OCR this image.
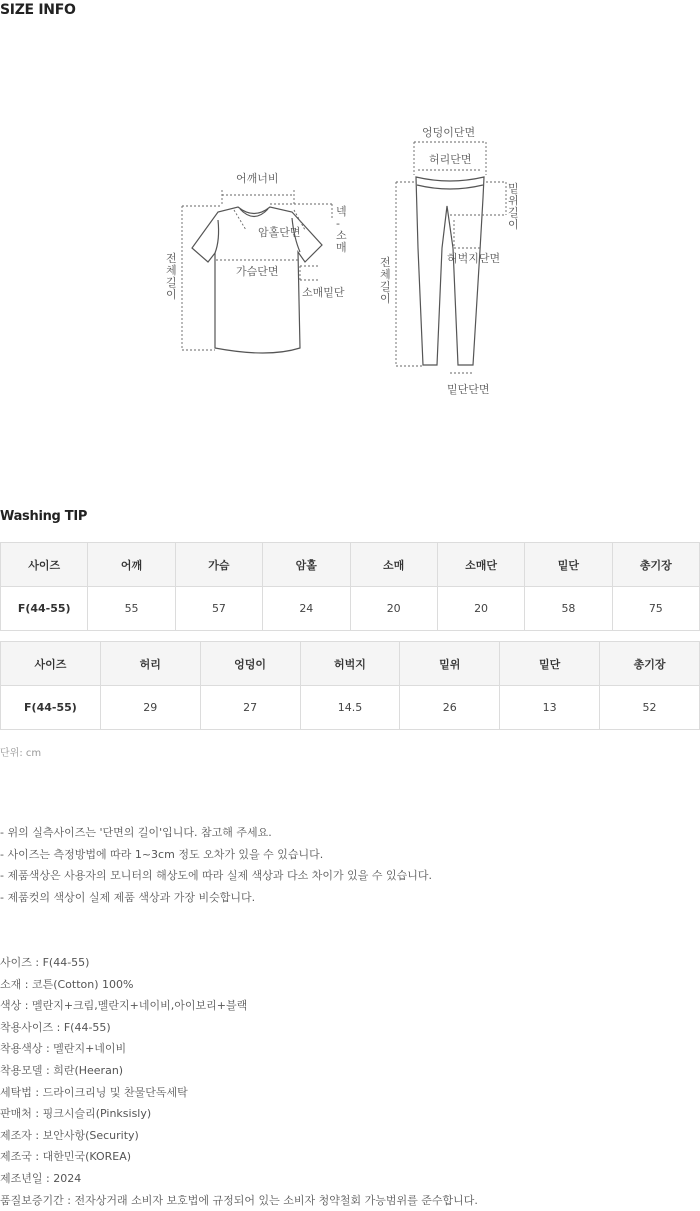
SIZE INFO
어깨너비
암홀단면
가슴단면
소매밑단
넥
-
소
매
전
체
길
이
엉덩이단면
허리단면
허벅지단면
밑단단면
밑
위
길
이
전
체
길
이
Washing TIP
사이즈	어깨	가슴	암홀	소매	소매단	밑단	총기장
F(44-55)	55	57	24	20	20	58	75
사이즈	허리	엉덩이	허벅지	밑위	밑단	총기장
F(44-55)	29	27	14.5	26	13	52
단위: cm
- 위의 실측사이즈는 '단면의 길이'입니다. 참고해 주세요.
- 사이즈는 측정방법에 따라 1~3cm 정도 오차가 있을 수 있습니다.
- 제품색상은 사용자의 모니터의 해상도에 따라 실제 색상과 다소 차이가 있을 수 있습니다.
- 제품컷의 색상이 실제 제품 색상과 가장 비슷합니다.
사이즈 : F(44-55)
소재 : 코튼(Cotton) 100%
색상 : 멜란지+크림,멜란지+네이비,아이보리+블랙
착용사이즈 : F(44-55)
착용색상 : 멜란지+네이비
착용모델 : 희란(Heeran)
세탁법 : 드라이크리닝 및 찬물단독세탁
판매처 : 핑크시슬리(Pinksisly)
제조자 : 보안사항(Security)
제조국 : 대한민국(KOREA)
제조년일 : 2024
품질보증기간 : 전자상거래 소비자 보호법에 규정되어 있는 소비자 청약철회 가능범위를 준수합니다.
